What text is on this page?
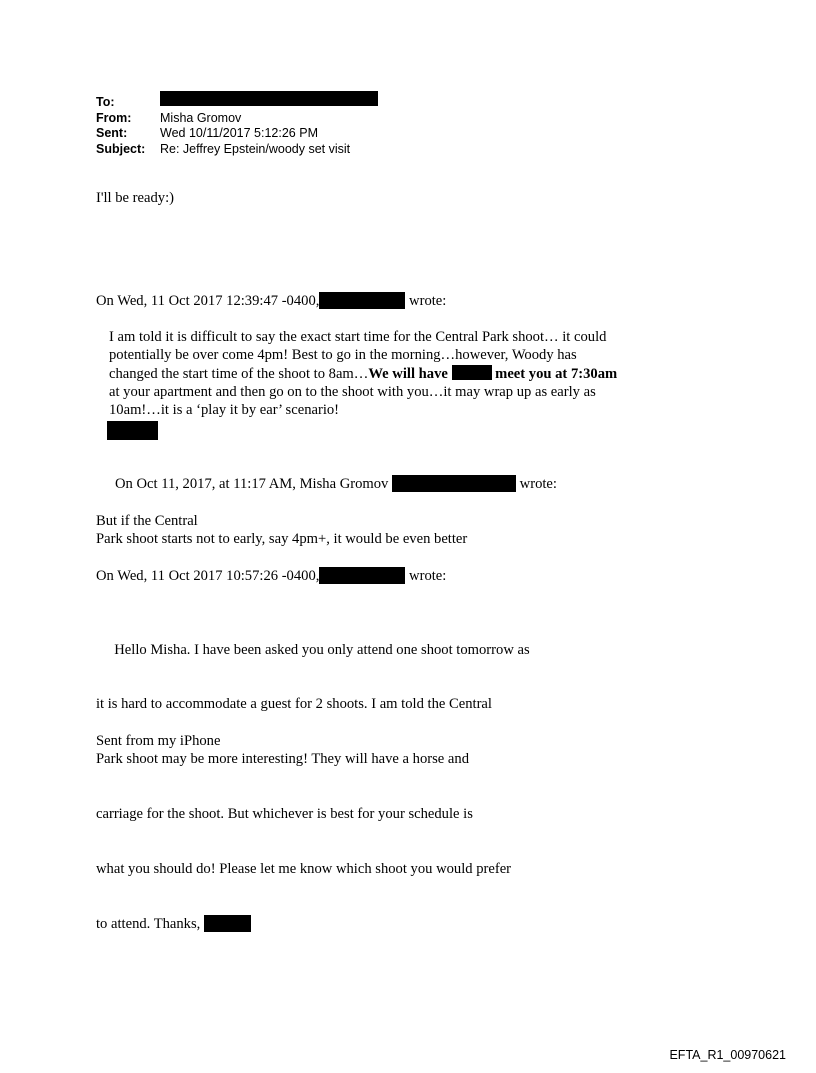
To:
From:	Misha Gromov
Sent:	Wed 10/11/2017 5:12:26 PM
Subject:	Re: Jeffrey Epstein/woody set visit
I'll be ready:)
On Wed, 11 Oct 2017 12:39:47 -0400,	wrote:
I am told it is difficult to say the exact start time for the Central Park shoot… it could
potentially be over come 4pm! Best to go in the morning…however, Woody has
changed the start time of the shoot to 8am…We will have	meet you at 7:30am
at your apartment and then go on to the shoot with you…it may wrap up as early as
10am!…it is a ‘play it by ear’ scenario!
On Oct 11, 2017, at 11:17 AM, Misha Gromov	wrote:
But if the Central
Park shoot starts not to early, say 4pm+, it would be even better
On Wed, 11 Oct 2017 10:57:26 -0400,	wrote:

Hello Misha. I have been asked you only attend one shoot tomorrow as

it is hard to accommodate a guest for 2 shoots. I am told the Central

Park shoot may be more interesting! They will have a horse and

carriage for the shoot. But whichever is best for your schedule is

what you should do! Please let me know which shoot you would prefer

to attend. Thanks,

Sent from my iPhone
EFTA_R1_00970621
